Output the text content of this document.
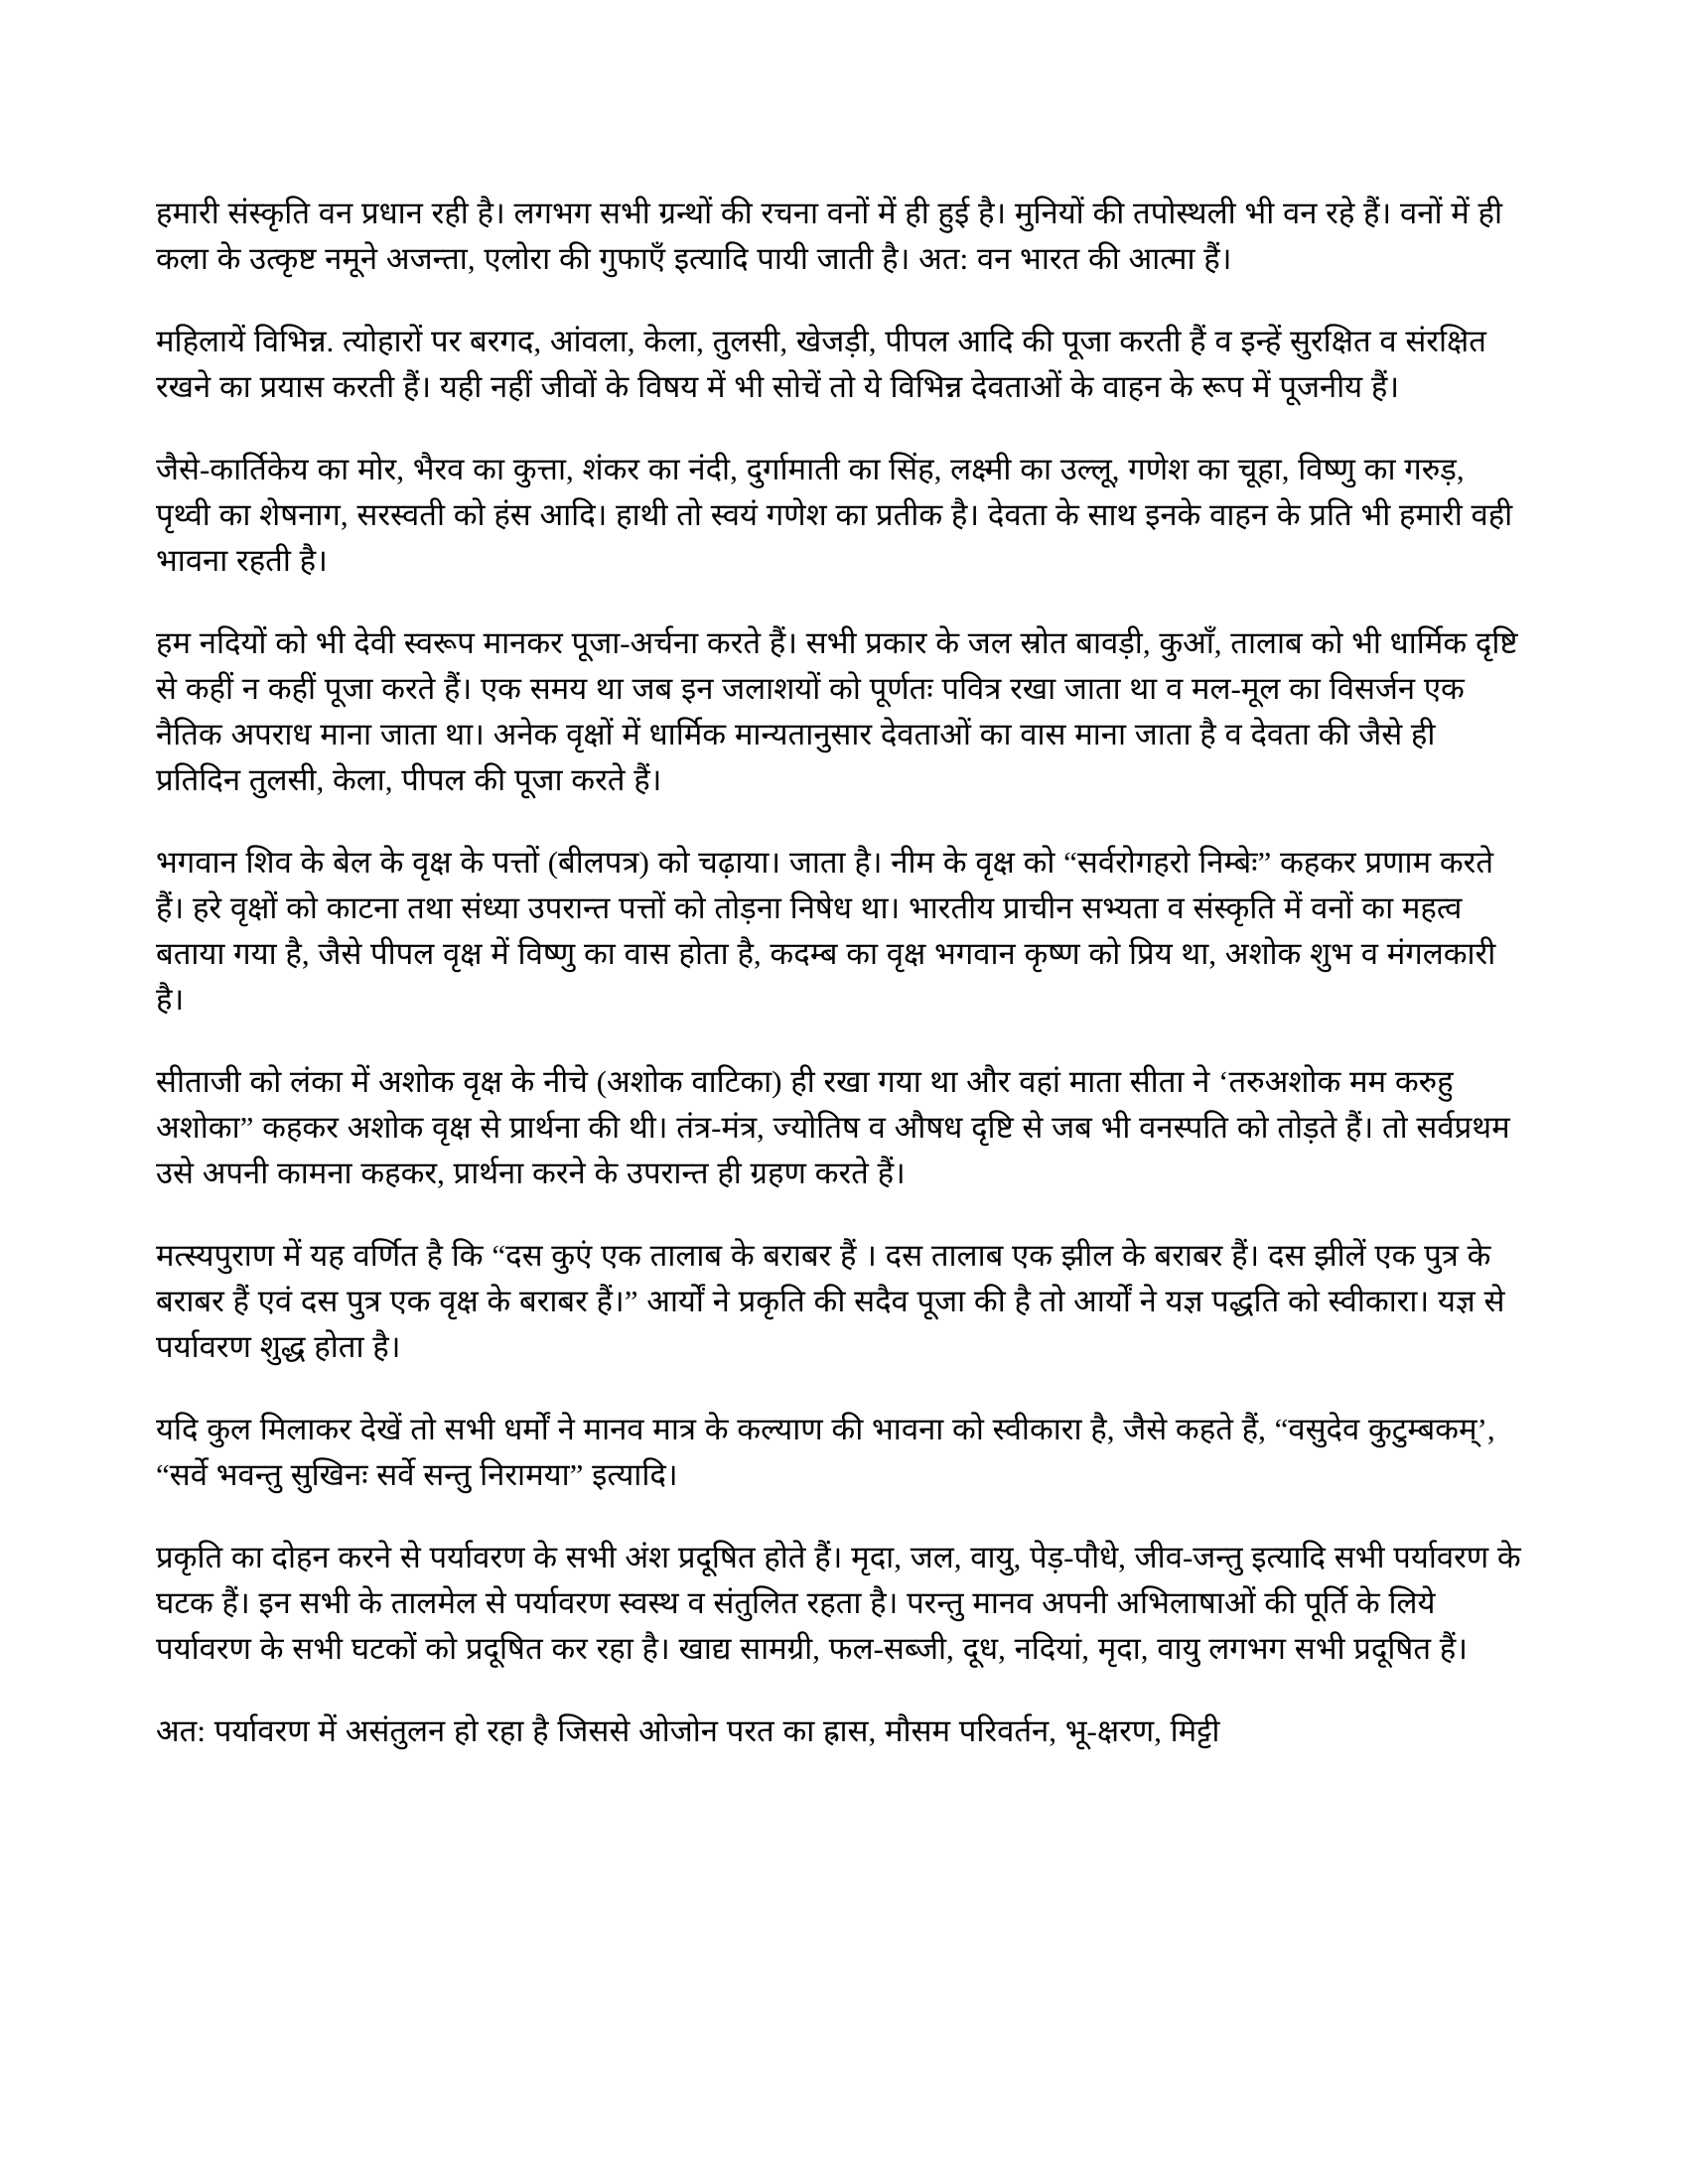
हमारी संस्कृति वन प्रधान रही है। लगभग सभी ग्रन्थों की रचना वनों में ही हुई है। मुनियों की तपोस्थली भी वन रहे हैं। वनों में ही कला के उत्कृष्ट नमूने अजन्ता, एलोरा की गुफाएँ इत्यादि पायी जाती है। अत: वन भारत की आत्मा हैं।

महिलायें विभिन्न. त्योहारों पर बरगद, आंवला, केला, तुलसी, खेजड़ी, पीपल आदि की पूजा करती हैं व इन्हें सुरक्षित व संरक्षित रखने का प्रयास करती हैं। यही नहीं जीवों के विषय में भी सोचें तो ये विभिन्न देवताओं के वाहन के रूप में पूजनीय हैं।

जैसे-कार्तिकेय का मोर, भैरव का कुत्ता, शंकर का नंदी, दुर्गामाती का सिंह, लक्ष्मी का उल्लू, गणेश का चूहा, विष्णु का गरुड़, पृथ्वी का शेषनाग, सरस्वती को हंस आदि। हाथी तो स्वयं गणेश का प्रतीक है। देवता के साथ इनके वाहन के प्रति भी हमारी वही भावना रहती है।

हम नदियों को भी देवी स्वरूप मानकर पूजा-अर्चना करते हैं। सभी प्रकार के जल स्रोत बावड़ी, कुआँ, तालाब को भी धार्मिक दृष्टि से कहीं न कहीं पूजा करते हैं। एक समय था जब इन जलाशयों को पूर्णतः पवित्र रखा जाता था व मल-मूल का विसर्जन एक नैतिक अपराध माना जाता था। अनेक वृक्षों में धार्मिक मान्यतानुसार देवताओं का वास माना जाता है व देवता की जैसे ही प्रतिदिन तुलसी, केला, पीपल की पूजा करते हैं।

भगवान शिव के बेल के वृक्ष के पत्तों (बीलपत्र) को चढ़ाया। जाता है। नीम के वृक्ष को “सर्वरोगहरो निम्बेः” कहकर प्रणाम करते हैं। हरे वृक्षों को काटना तथा संध्या उपरान्त पत्तों को तोड़ना निषेध था। भारतीय प्राचीन सभ्यता व संस्कृति में वनों का महत्व बताया गया है, जैसे पीपल वृक्ष में विष्णु का वास होता है, कदम्ब का वृक्ष भगवान कृष्ण को प्रिय था, अशोक शुभ व मंगलकारी है।

सीताजी को लंका में अशोक वृक्ष के नीचे (अशोक वाटिका) ही रखा गया था और वहां माता सीता ने ‘तरुअशोक मम करुहु अशोका” कहकर अशोक वृक्ष से प्रार्थना की थी। तंत्र-मंत्र, ज्योतिष व औषध दृष्टि से जब भी वनस्पति को तोड़ते हैं। तो सर्वप्रथम उसे अपनी कामना कहकर, प्रार्थना करने के उपरान्त ही ग्रहण करते हैं।

मत्स्यपुराण में यह वर्णित है कि “दस कुएं एक तालाब के बराबर हैं । दस तालाब एक झील के बराबर हैं। दस झीलें एक पुत्र के बराबर हैं एवं दस पुत्र एक वृक्ष के बराबर हैं।” आर्यों ने प्रकृति की सदैव पूजा की है तो आर्यों ने यज्ञ पद्धति को स्वीकारा। यज्ञ से पर्यावरण शुद्ध होता है।

यदि कुल मिलाकर देखें तो सभी धर्मों ने मानव मात्र के कल्याण की भावना को स्वीकारा है, जैसे कहते हैं, “वसुदेव कुटुम्बकम्’, “सर्वे भवन्तु सुखिनः सर्वे सन्तु निरामया” इत्यादि।

प्रकृति का दोहन करने से पर्यावरण के सभी अंश प्रदूषित होते हैं। मृदा, जल, वायु, पेड़-पौधे, जीव-जन्तु इत्यादि सभी पर्यावरण के घटक हैं। इन सभी के तालमेल से पर्यावरण स्वस्थ व संतुलित रहता है। परन्तु मानव अपनी अभिलाषाओं की पूर्ति के लिये पर्यावरण के सभी घटकों को प्रदूषित कर रहा है। खाद्य सामग्री, फल-सब्जी, दूध, नदियां, मृदा, वायु लगभग सभी प्रदूषित हैं।

अत: पर्यावरण में असंतुलन हो रहा है जिससे ओजोन परत का ह्रास, मौसम परिवर्तन, भू-क्षरण, मिट्टी
